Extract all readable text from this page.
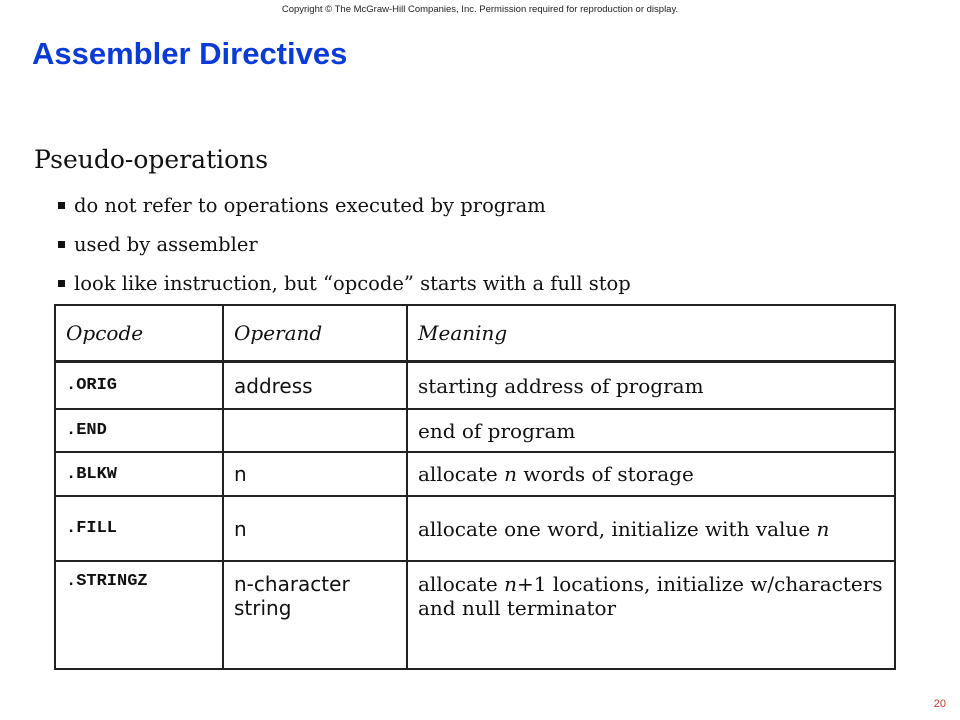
Copyright © The McGraw-Hill Companies, Inc. Permission required for reproduction or display.
Assembler Directives
Pseudo-operations
do not refer to operations executed by program
used by assembler
look like instruction, but “opcode” starts with a full stop
Opcode	Operand	Meaning
.ORIG	address	starting address of program
.END		end of program
.BLKW	n	allocate n words of storage
.FILL	n	allocate one word, initialize with value n
.STRINGZ	n-character string	allocate n+1 locations, initialize w/characters and null terminator
20
